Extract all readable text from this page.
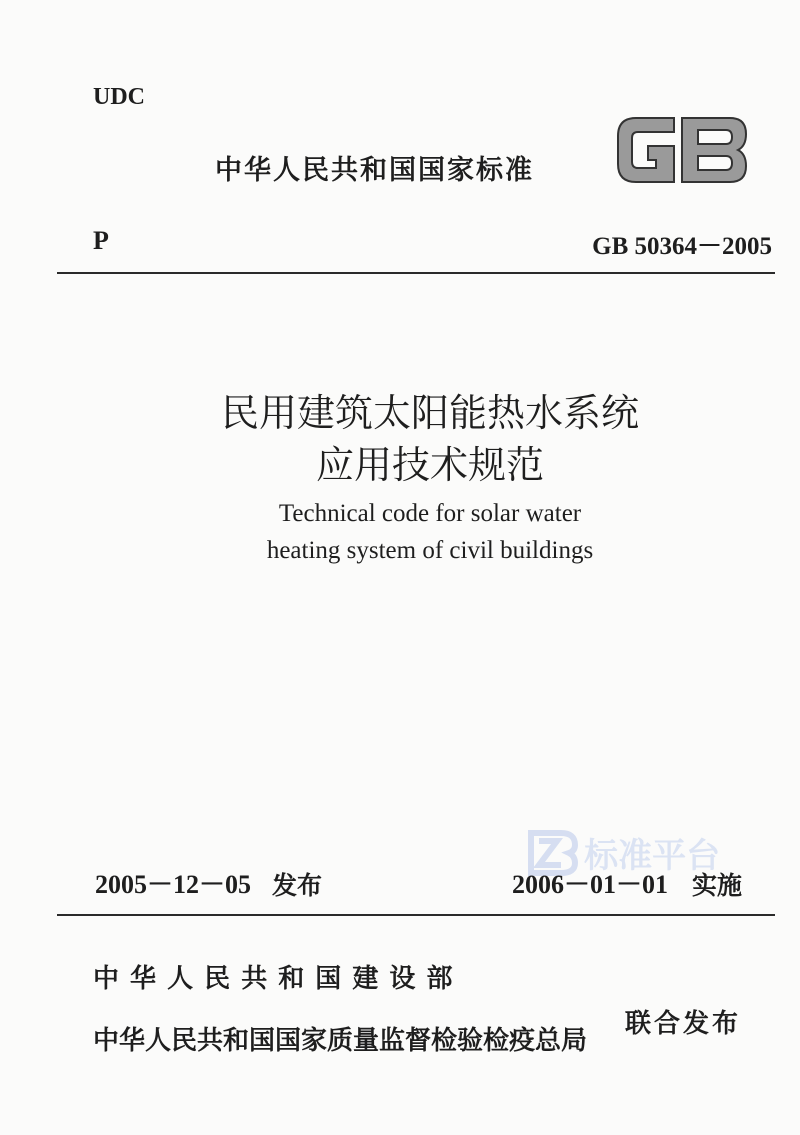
UDC
中华人民共和国国家标准
P	GB 50364－2005
民用建筑太阳能热水系统
应用技术规范
Technical code for solar water
heating system of civil buildings
标准平台
2005－12－05 发布	2006－01－01 实施
中 华 人 民 共 和 国 建 设 部
中华人民共和国国家质量监督检验检疫总局
联合发布
